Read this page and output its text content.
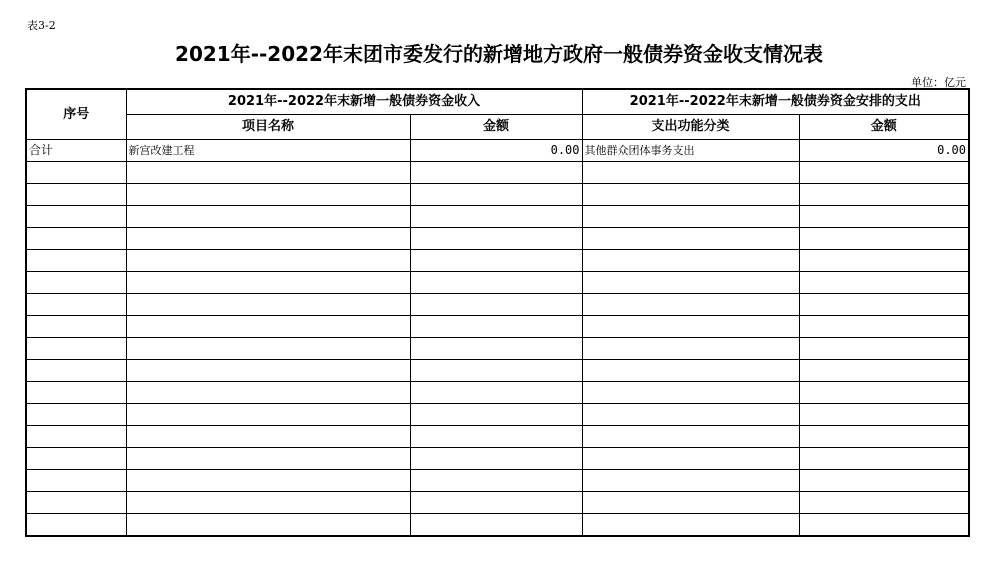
表3-2
2021年--2022年末团市委发行的新增地方政府一般债券资金收支情况表
单位：亿元
序号	2021年--2022年末新增一般债券资金收入		2021年--2022年末新增一般债券资金安排的支出	
	项目名称	金额	支出功能分类	金额
合计	新宫改建工程	0.00	其他群众团体事务支出	0.00
